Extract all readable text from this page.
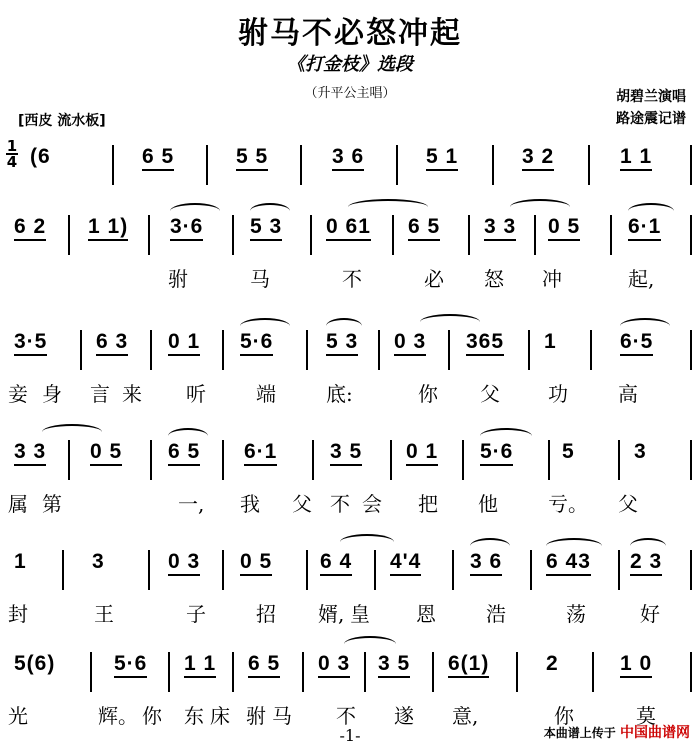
驸马不必怒冲起
《打金枝》选段
（升平公主唱）	胡碧兰演唱
路途震记谱
[西皮 流水板]
1
4 (6	6 5	5 5	3 6	5 1	3 2	1 1
6 2 1 1) 3·6 5 3 0 61 6 5 3 3 0 5 6·1
驸	马	不	必 怒 冲	起,
3·5 6 3 0 1 5·6	5 3 0 3 365 1	6·5
妾 身 言 来 听	端	底:	你 父 功	高
3 3 0 5 6 5 6·1	3 5 0 1 5·6 5	3
属 第	一, 我 父 不 会 把 他	亏。 父
1	3	0 3 0 5 6 4 4'4 3 6 6 43 2 3
封	王	子	招 婿, 皇 恩	浩	荡	好
5(6)	5·6 1 1 6 5 0 3 3 5 6(1)	2	1 0
光	辉。 你 东 床 驸 马 不 遂 意,	你	莫
-1-	本曲谱上传于 中国曲谱网
